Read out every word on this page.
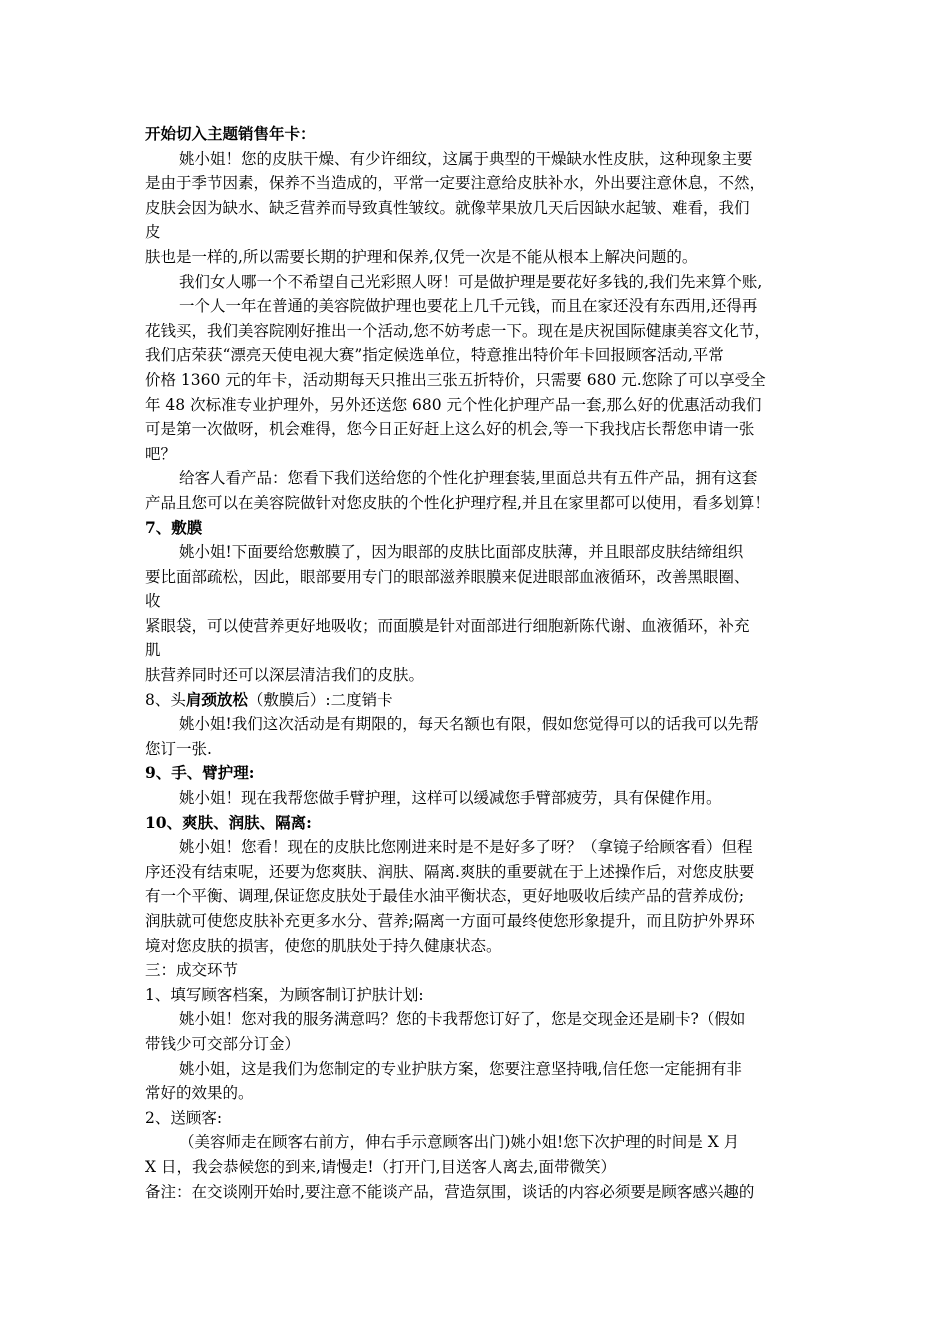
开始切入主题销售年卡：
姚小姐！您的皮肤干燥、有少许细纹，这属于典型的干燥缺水性皮肤，这种现象主要
是由于季节因素，保养不当造成的，平常一定要注意给皮肤补水，外出要注意休息，不然，
皮肤会因为缺水、缺乏营养而导致真性皱纹。就像苹果放几天后因缺水起皱、难看，我们
皮
肤也是一样的,所以需要长期的护理和保养,仅凭一次是不能从根本上解决问题的。
我们女人哪一个不希望自己光彩照人呀！可是做护理是要花好多钱的,我们先来算个账,
一个人一年在普通的美容院做护理也要花上几千元钱，而且在家还没有东西用,还得再
花钱买，我们美容院刚好推出一个活动,您不妨考虑一下。现在是庆祝国际健康美容文化节，
我们店荣获“漂亮天使电视大赛”指定候选单位，特意推出特价年卡回报顾客活动,平常
价格 1360 元的年卡，活动期每天只推出三张五折特价，只需要 680 元.您除了可以享受全
年 48 次标准专业护理外，另外还送您 680 元个性化护理产品一套,那么好的优惠活动我们
可是第一次做呀，机会难得，您今日正好赶上这么好的机会,等一下我找店长帮您申请一张
吧？
给客人看产品：您看下我们送给您的个性化护理套装,里面总共有五件产品，拥有这套
产品且您可以在美容院做针对您皮肤的个性化护理疗程,并且在家里都可以使用，看多划算！
7、敷膜
姚小姐!下面要给您敷膜了，因为眼部的皮肤比面部皮肤薄，并且眼部皮肤结缔组织
要比面部疏松，因此，眼部要用专门的眼部滋养眼膜来促进眼部血液循环，改善黑眼圈、
收
紧眼袋，可以使营养更好地吸收；而面膜是针对面部进行细胞新陈代谢、血液循环，补充
肌
肤营养同时还可以深层清洁我们的皮肤。
8、头肩颈放松（敷膜后）:二度销卡
姚小姐!我们这次活动是有期限的，每天名额也有限，假如您觉得可以的话我可以先帮
您订一张.
9、手、臂护理:
姚小姐！现在我帮您做手臂护理，这样可以缓减您手臂部疲劳，具有保健作用。
10、爽肤、润肤、隔离:
姚小姐！您看！现在的皮肤比您刚进来时是不是好多了呀？（拿镜子给顾客看）但程
序还没有结束呢，还要为您爽肤、润肤、隔离.爽肤的重要就在于上述操作后，对您皮肤要
有一个平衡、调理,保证您皮肤处于最佳水油平衡状态，更好地吸收后续产品的营养成份;
润肤就可使您皮肤补充更多水分、营养;隔离一方面可最终使您形象提升，而且防护外界环
境对您皮肤的损害，使您的肌肤处于持久健康状态。
三：成交环节
1、填写顾客档案，为顾客制订护肤计划:
姚小姐！您对我的服务满意吗？您的卡我帮您订好了，您是交现金还是刷卡?（假如
带钱少可交部分订金）
姚小姐，这是我们为您制定的专业护肤方案，您要注意坚持哦,信任您一定能拥有非
常好的效果的。
2、送顾客:
（美容师走在顾客右前方，伸右手示意顾客出门)姚小姐!您下次护理的时间是 X 月
X 日，我会恭候您的到来,请慢走!（打开门,目送客人离去,面带微笑）
备注：在交谈刚开始时,要注意不能谈产品，营造氛围，谈话的内容必须要是顾客感兴趣的
